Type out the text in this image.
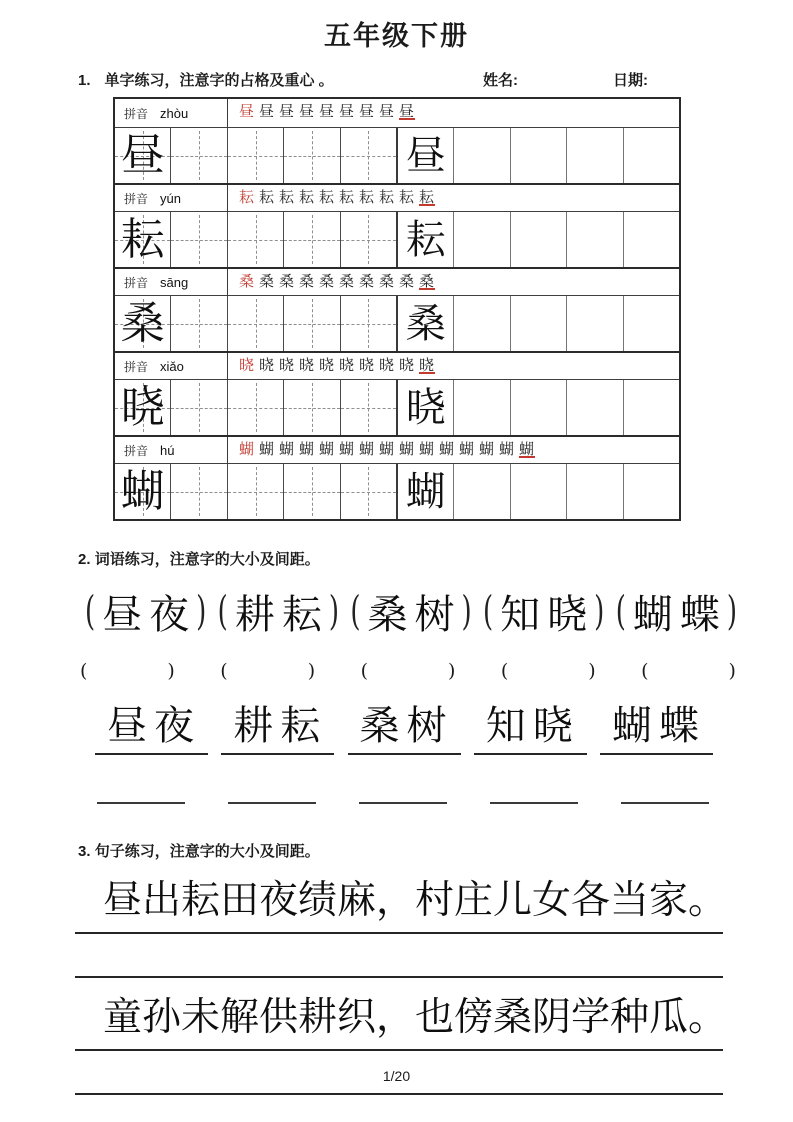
五年级下册
1. 单字练习，注意字的占格及重心 。	姓名:	日期:
拼音 zhòu	昼 昼 昼 昼 昼 昼 昼 昼 昼
昼	昼
拼音 yún	耘 耘 耘 耘 耘 耘 耘 耘 耘 耘
耘	耘
拼音 sāng	桑 桑 桑 桑 桑 桑 桑 桑 桑 桑
桑	桑
拼音 xiǎo	晓 晓 晓 晓 晓 晓 晓 晓 晓 晓
晓	晓
拼音 hú	蝴 蝴 蝴 蝴 蝴 蝴 蝴 蝴 蝴 蝴 蝴 蝴 蝴 蝴 蝴
蝴	蝴
2. 词语练习，注意字的大小及间距。
( 昼夜 ) ( 耕耘 ) ( 桑树 ) ( 知晓 ) ( 蝴蝶 )
(	) (	) (	) (	) (	)
昼夜 耕耘 桑树 知晓 蝴蝶
3. 句子练习，注意字的大小及间距。
昼出耘田夜绩麻，村庄儿女各当家。
童孙未解供耕织，也傍桑阴学种瓜。
1/20
